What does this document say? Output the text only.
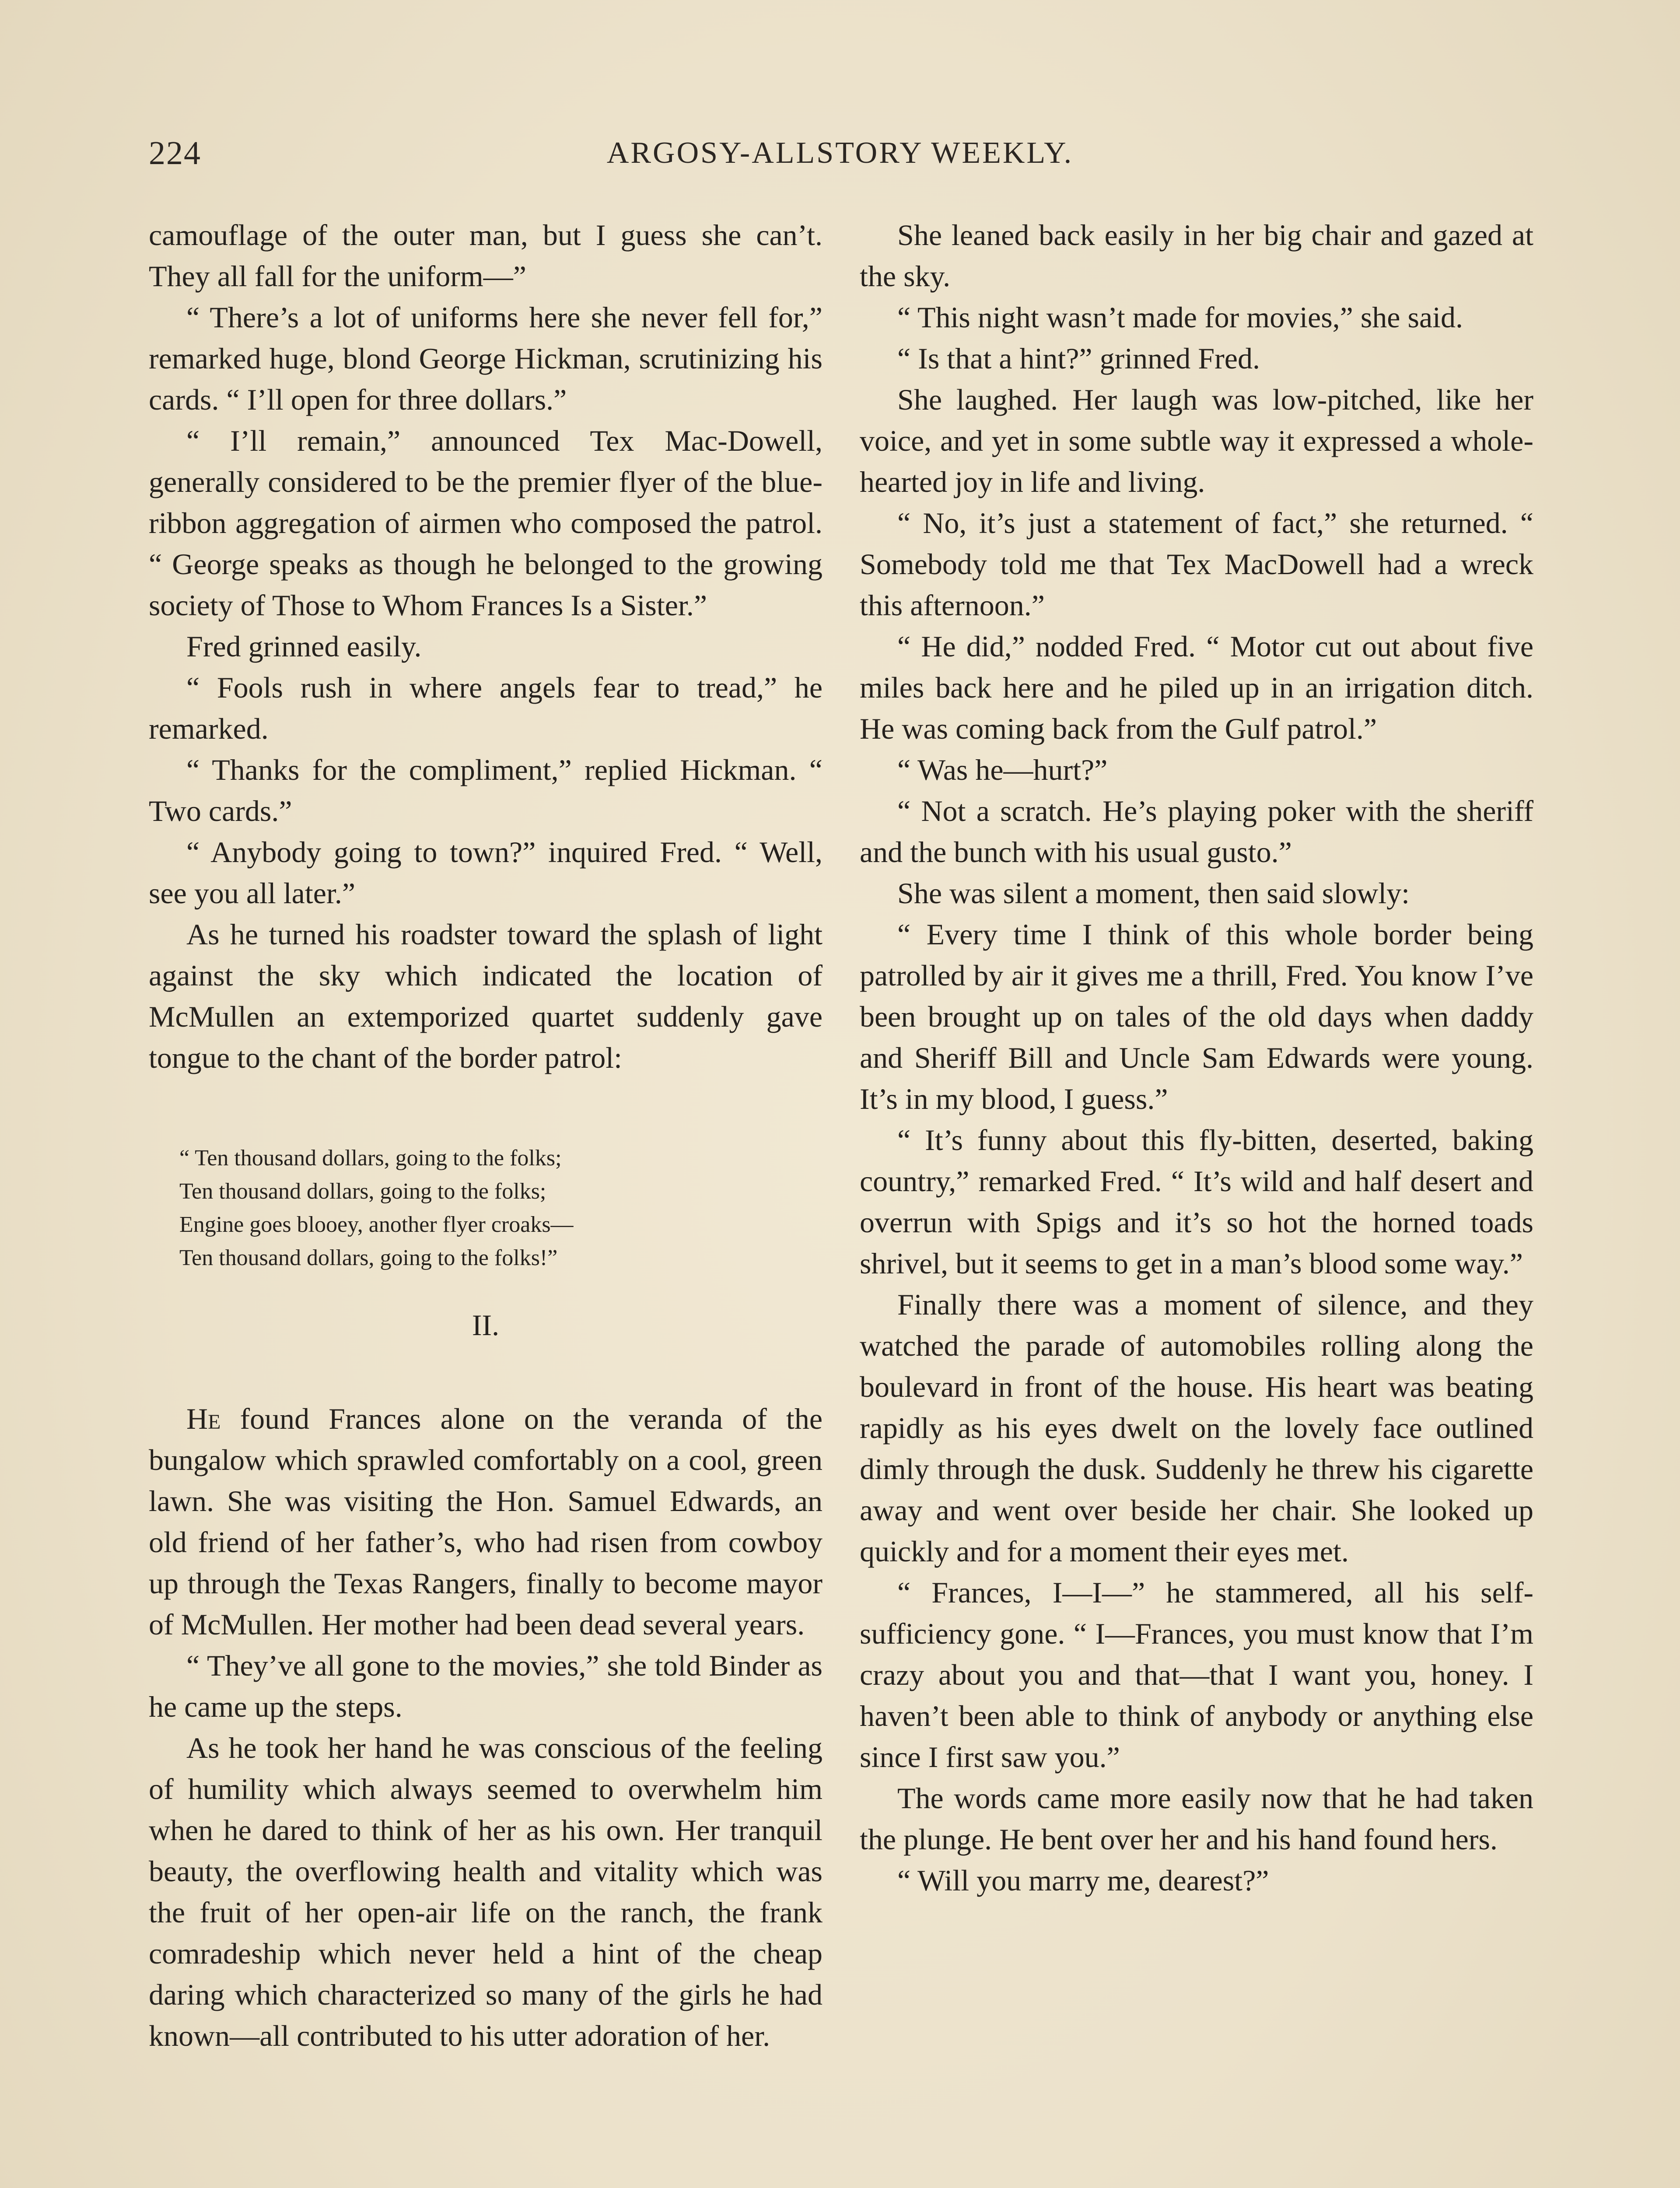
224	ARGOSY-ALLSTORY WEEKLY.

camouflage of the outer man, but I guess she can’t. They all fall for the uniform—”

“ There’s a lot of uniforms here she never fell for,” remarked huge, blond George Hickman, scrutinizing his cards. “ I’ll open for three dollars.”

“ I’ll remain,” announced Tex Mac-Dowell, generally considered to be the premier flyer of the blue-ribbon aggregation of airmen who composed the patrol. “ George speaks as though he belonged to the growing society of Those to Whom Frances Is a Sister.”

Fred grinned easily.

“ Fools rush in where angels fear to tread,” he remarked.

“ Thanks for the compliment,” replied Hickman. “ Two cards.”

“ Anybody going to town?” inquired Fred. “ Well, see you all later.”

As he turned his roadster toward the splash of light against the sky which indicated the location of McMullen an extemporized quartet suddenly gave tongue to the chant of the border patrol:

“ Ten thousand dollars, going to the folks;
Ten thousand dollars, going to the folks;
Engine goes blooey, another flyer croaks—
Ten thousand dollars, going to the folks!”
II.

He found Frances alone on the veranda of the bungalow which sprawled comfortably on a cool, green lawn. She was visiting the Hon. Samuel Edwards, an old friend of her father’s, who had risen from cowboy up through the Texas Rangers, finally to become mayor of McMullen. Her mother had been dead several years.

“ They’ve all gone to the movies,” she told Binder as he came up the steps.

As he took her hand he was conscious of the feeling of humility which always seemed to overwhelm him when he dared to think of her as his own. Her tranquil beauty, the overflowing health and vitality which was the fruit of her open-air life on the ranch, the frank comradeship which never held a hint of the cheap daring which characterized so many of the girls he had known—all contributed to his utter adoration of her.

She leaned back easily in her big chair and gazed at the sky.

“ This night wasn’t made for movies,” she said.

“ Is that a hint?” grinned Fred.

She laughed. Her laugh was low-pitched, like her voice, and yet in some subtle way it expressed a whole-hearted joy in life and living.

“ No, it’s just a statement of fact,” she returned. “ Somebody told me that Tex MacDowell had a wreck this afternoon.”

“ He did,” nodded Fred. “ Motor cut out about five miles back here and he piled up in an irrigation ditch. He was coming back from the Gulf patrol.”

“ Was he—hurt?”

“ Not a scratch. He’s playing poker with the sheriff and the bunch with his usual gusto.”

She was silent a moment, then said slowly:

“ Every time I think of this whole border being patrolled by air it gives me a thrill, Fred. You know I’ve been brought up on tales of the old days when daddy and Sheriff Bill and Uncle Sam Edwards were young. It’s in my blood, I guess.”

“ It’s funny about this fly-bitten, deserted, baking country,” remarked Fred. “ It’s wild and half desert and overrun with Spigs and it’s so hot the horned toads shrivel, but it seems to get in a man’s blood some way.”

Finally there was a moment of silence, and they watched the parade of automobiles rolling along the boulevard in front of the house. His heart was beating rapidly as his eyes dwelt on the lovely face outlined dimly through the dusk. Suddenly he threw his cigarette away and went over beside her chair. She looked up quickly and for a moment their eyes met.

“ Frances, I—I—” he stammered, all his self-sufficiency gone. “ I—Frances, you must know that I’m crazy about you and that—that I want you, honey. I haven’t been able to think of anybody or anything else since I first saw you.”

The words came more easily now that he had taken the plunge. He bent over her and his hand found hers.

“ Will you marry me, dearest?”
